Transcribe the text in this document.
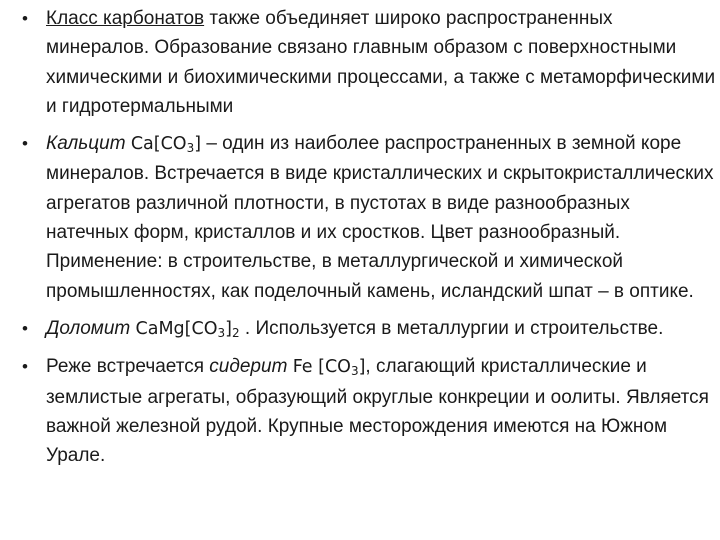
• Класс карбонатов также объединяет широко распространенных минералов. Образование связано главным образом с поверхностными химическими и биохимическими процессами, а также с метаморфическими и гидротермальными
• Кальцит $Ca[CO_3]$ – один из наиболее распространенных в земной коре минералов. Встречается в виде кристаллических и скрытокристаллических агрегатов различной плотности, в пустотах в виде разнообразных натечных форм, кристаллов и их сростков. Цвет разнообразный. Применение: в строительстве, в металлургической и химической промышленностях, как поделочный камень, исландский шпат – в оптике.
• Доломит $CaMg[CO_3]_2$ . Используется в металлургии и строительстве.
• Реже встречается сидерит Fe $[CO_3]$, слагающий кристаллические и землистые агрегаты, образующий округлые конкреции и оолиты. Является важной железной рудой. Крупные месторождения имеются на Южном Урале.
